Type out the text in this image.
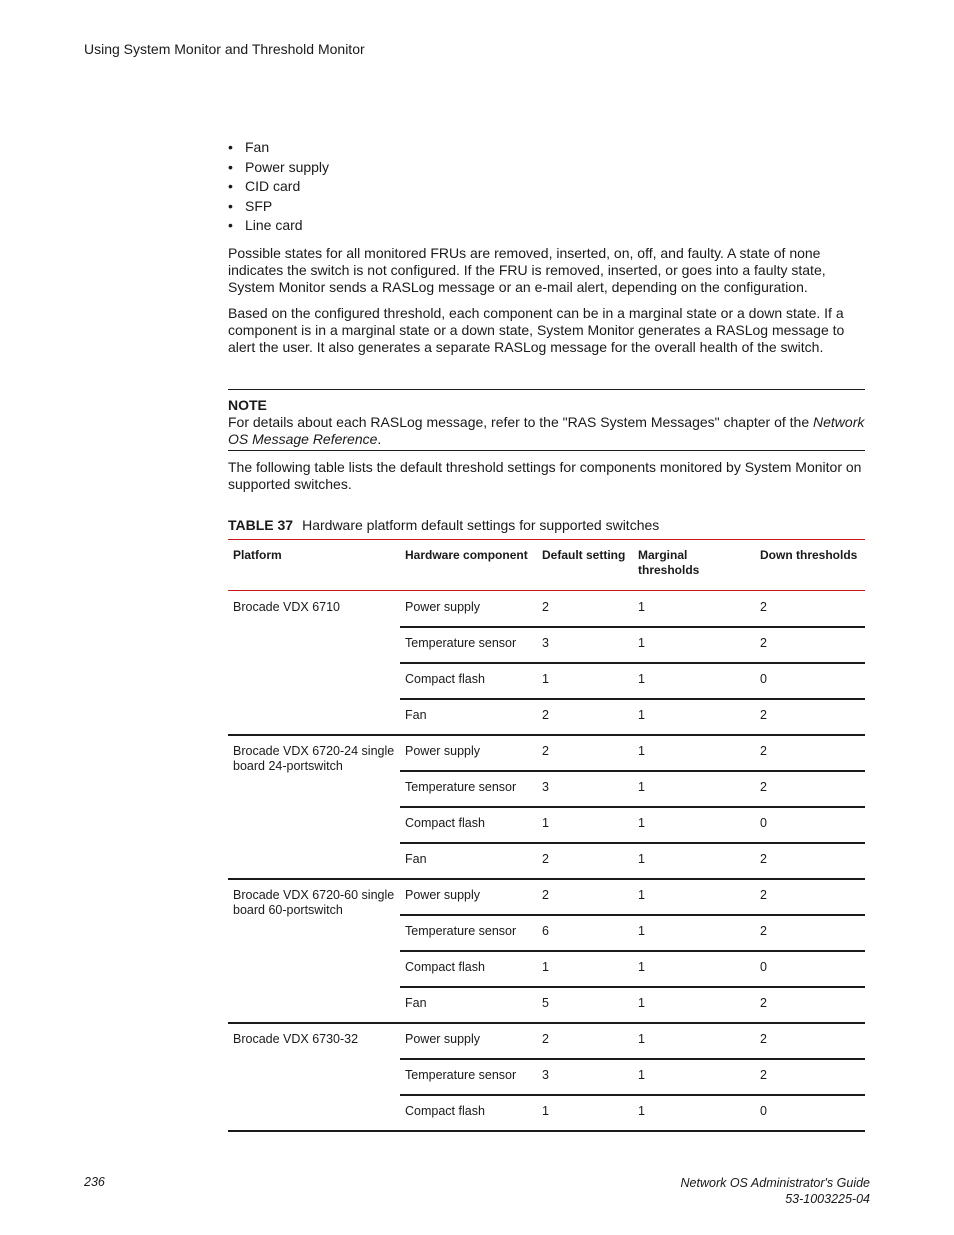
Using System Monitor and Threshold Monitor
• Fan
• Power supply
• CID card
• SFP
• Line card

Possible states for all monitored FRUs are removed, inserted, on, off, and faulty. A state of none indicates the switch is not configured. If the FRU is removed, inserted, or goes into a faulty state, System Monitor sends a RASLog message or an e-mail alert, depending on the configuration.

Based on the configured threshold, each component can be in a marginal state or a down state. If a component is in a marginal state or a down state, System Monitor generates a RASLog message to alert the user. It also generates a separate RASLog message for the overall health of the switch.

NOTE
For details about each RASLog message, refer to the "RAS System Messages" chapter of the Network OS Message Reference.

The following table lists the default threshold settings for components monitored by System Monitor on supported switches.

TABLE 37 Hardware platform default settings for supported switches
Platform	Hardware component	Default setting	Marginal thresholds	Down thresholds
Brocade VDX 6710	Power supply	2	1	2
	Temperature sensor	3	1	2
	Compact flash	1	1	0
	Fan	2	1	2
Brocade VDX 6720-24 single board 24-portswitch	Power supply	2	1	2
	Temperature sensor	3	1	2
	Compact flash	1	1	0
	Fan	2	1	2
Brocade VDX 6720-60 single board 60-portswitch	Power supply	2	1	2
	Temperature sensor	6	1	2
	Compact flash	1	1	0
	Fan	5	1	2
Brocade VDX 6730-32	Power supply	2	1	2
	Temperature sensor	3	1	2
	Compact flash	1	1	0
236	Network OS Administrator's Guide
53-1003225-04
